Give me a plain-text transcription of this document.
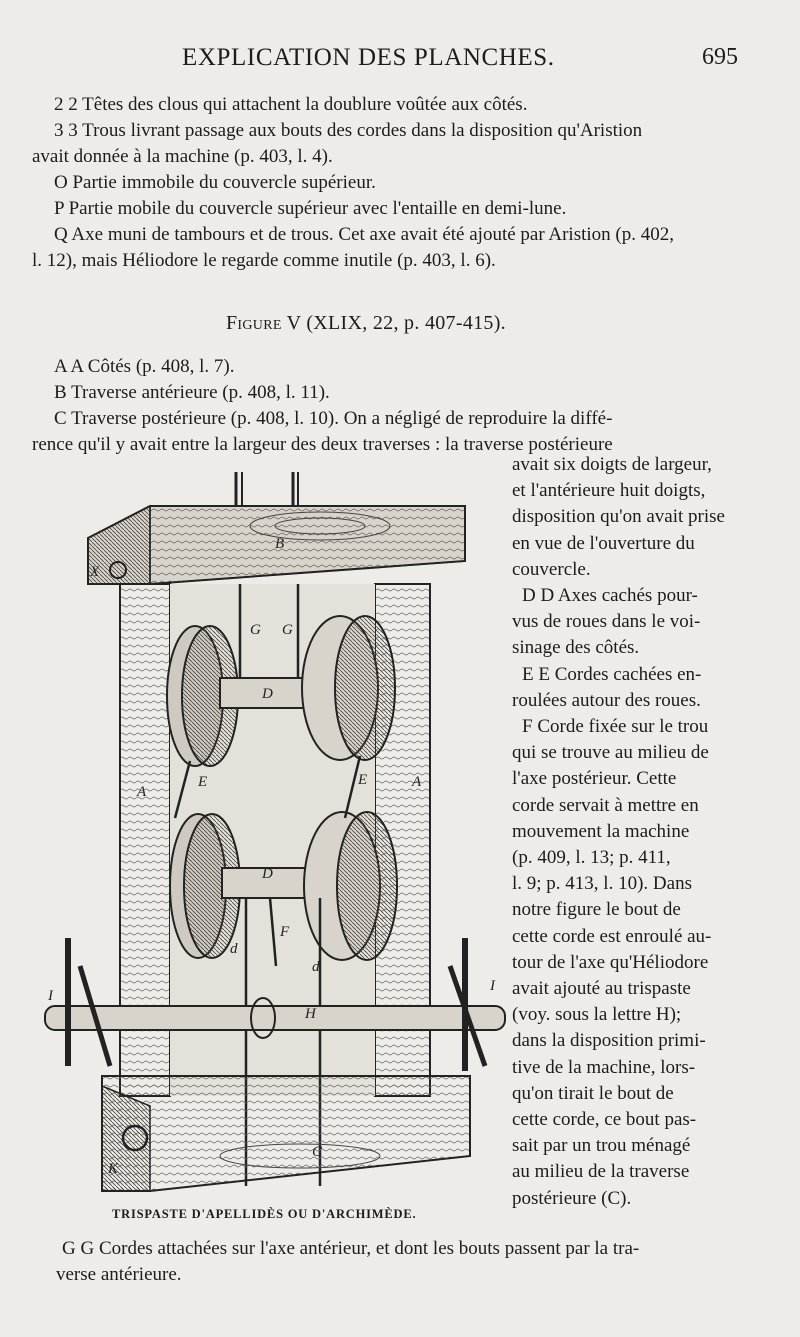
EXPLICATION DES PLANCHES.	695
2 2 Têtes des clous qui attachent la doublure voûtée aux côtés.
3 3 Trous livrant passage aux bouts des cordes dans la disposition qu'Aristion
avait donnée à la machine (p. 403, l. 4).
O Partie immobile du couvercle supérieur.
P Partie mobile du couvercle supérieur avec l'entaille en demi-lune.
Q Axe muni de tambours et de trous. Cet axe avait été ajouté par Aristion (p. 402,
l. 12), mais Héliodore le regarde comme inutile (p. 403, l. 6).
Figure V (XLIX, 22, p. 407-415).
A A Côtés (p. 408, l. 7).
B Traverse antérieure (p. 408, l. 11).
C Traverse postérieure (p. 408, l. 10). On a négligé de reproduire la diffé-
rence qu'il y avait entre la largeur des deux traverses : la traverse postérieure
avait six doigts de largeur,
et l'antérieure huit doigts,
disposition qu'on avait prise
en vue de l'ouverture du
couvercle.
D D Axes cachés pour-
vus de roues dans le voi-
sinage des côtés.
E E Cordes cachées en-
roulées autour des roues.
F Corde fixée sur le trou
qui se trouve au milieu de
l'axe postérieur. Cette
corde servait à mettre en
mouvement la machine
(p. 409, l. 13; p. 411,
l. 9; p. 413, l. 10). Dans
notre figure le bout de
cette corde est enroulé au-
tour de l'axe qu'Héliodore
avait ajouté au trispaste
(voy. sous la lettre H);
dans la disposition primi-
tive de la machine, lors-
qu'on tirait le bout de
cette corde, ce bout pas-
sait par un trou ménagé
au milieu de la traverse
postérieure (C).
B
G G
D
D
A
A
E	E
F
d
d
H
I
I
C
K
X
TRISPASTE D'APELLIDÈS OU D'ARCHIMÈDE.
G G Cordes attachées sur l'axe antérieur, et dont les bouts passent par la tra-
verse antérieure.
